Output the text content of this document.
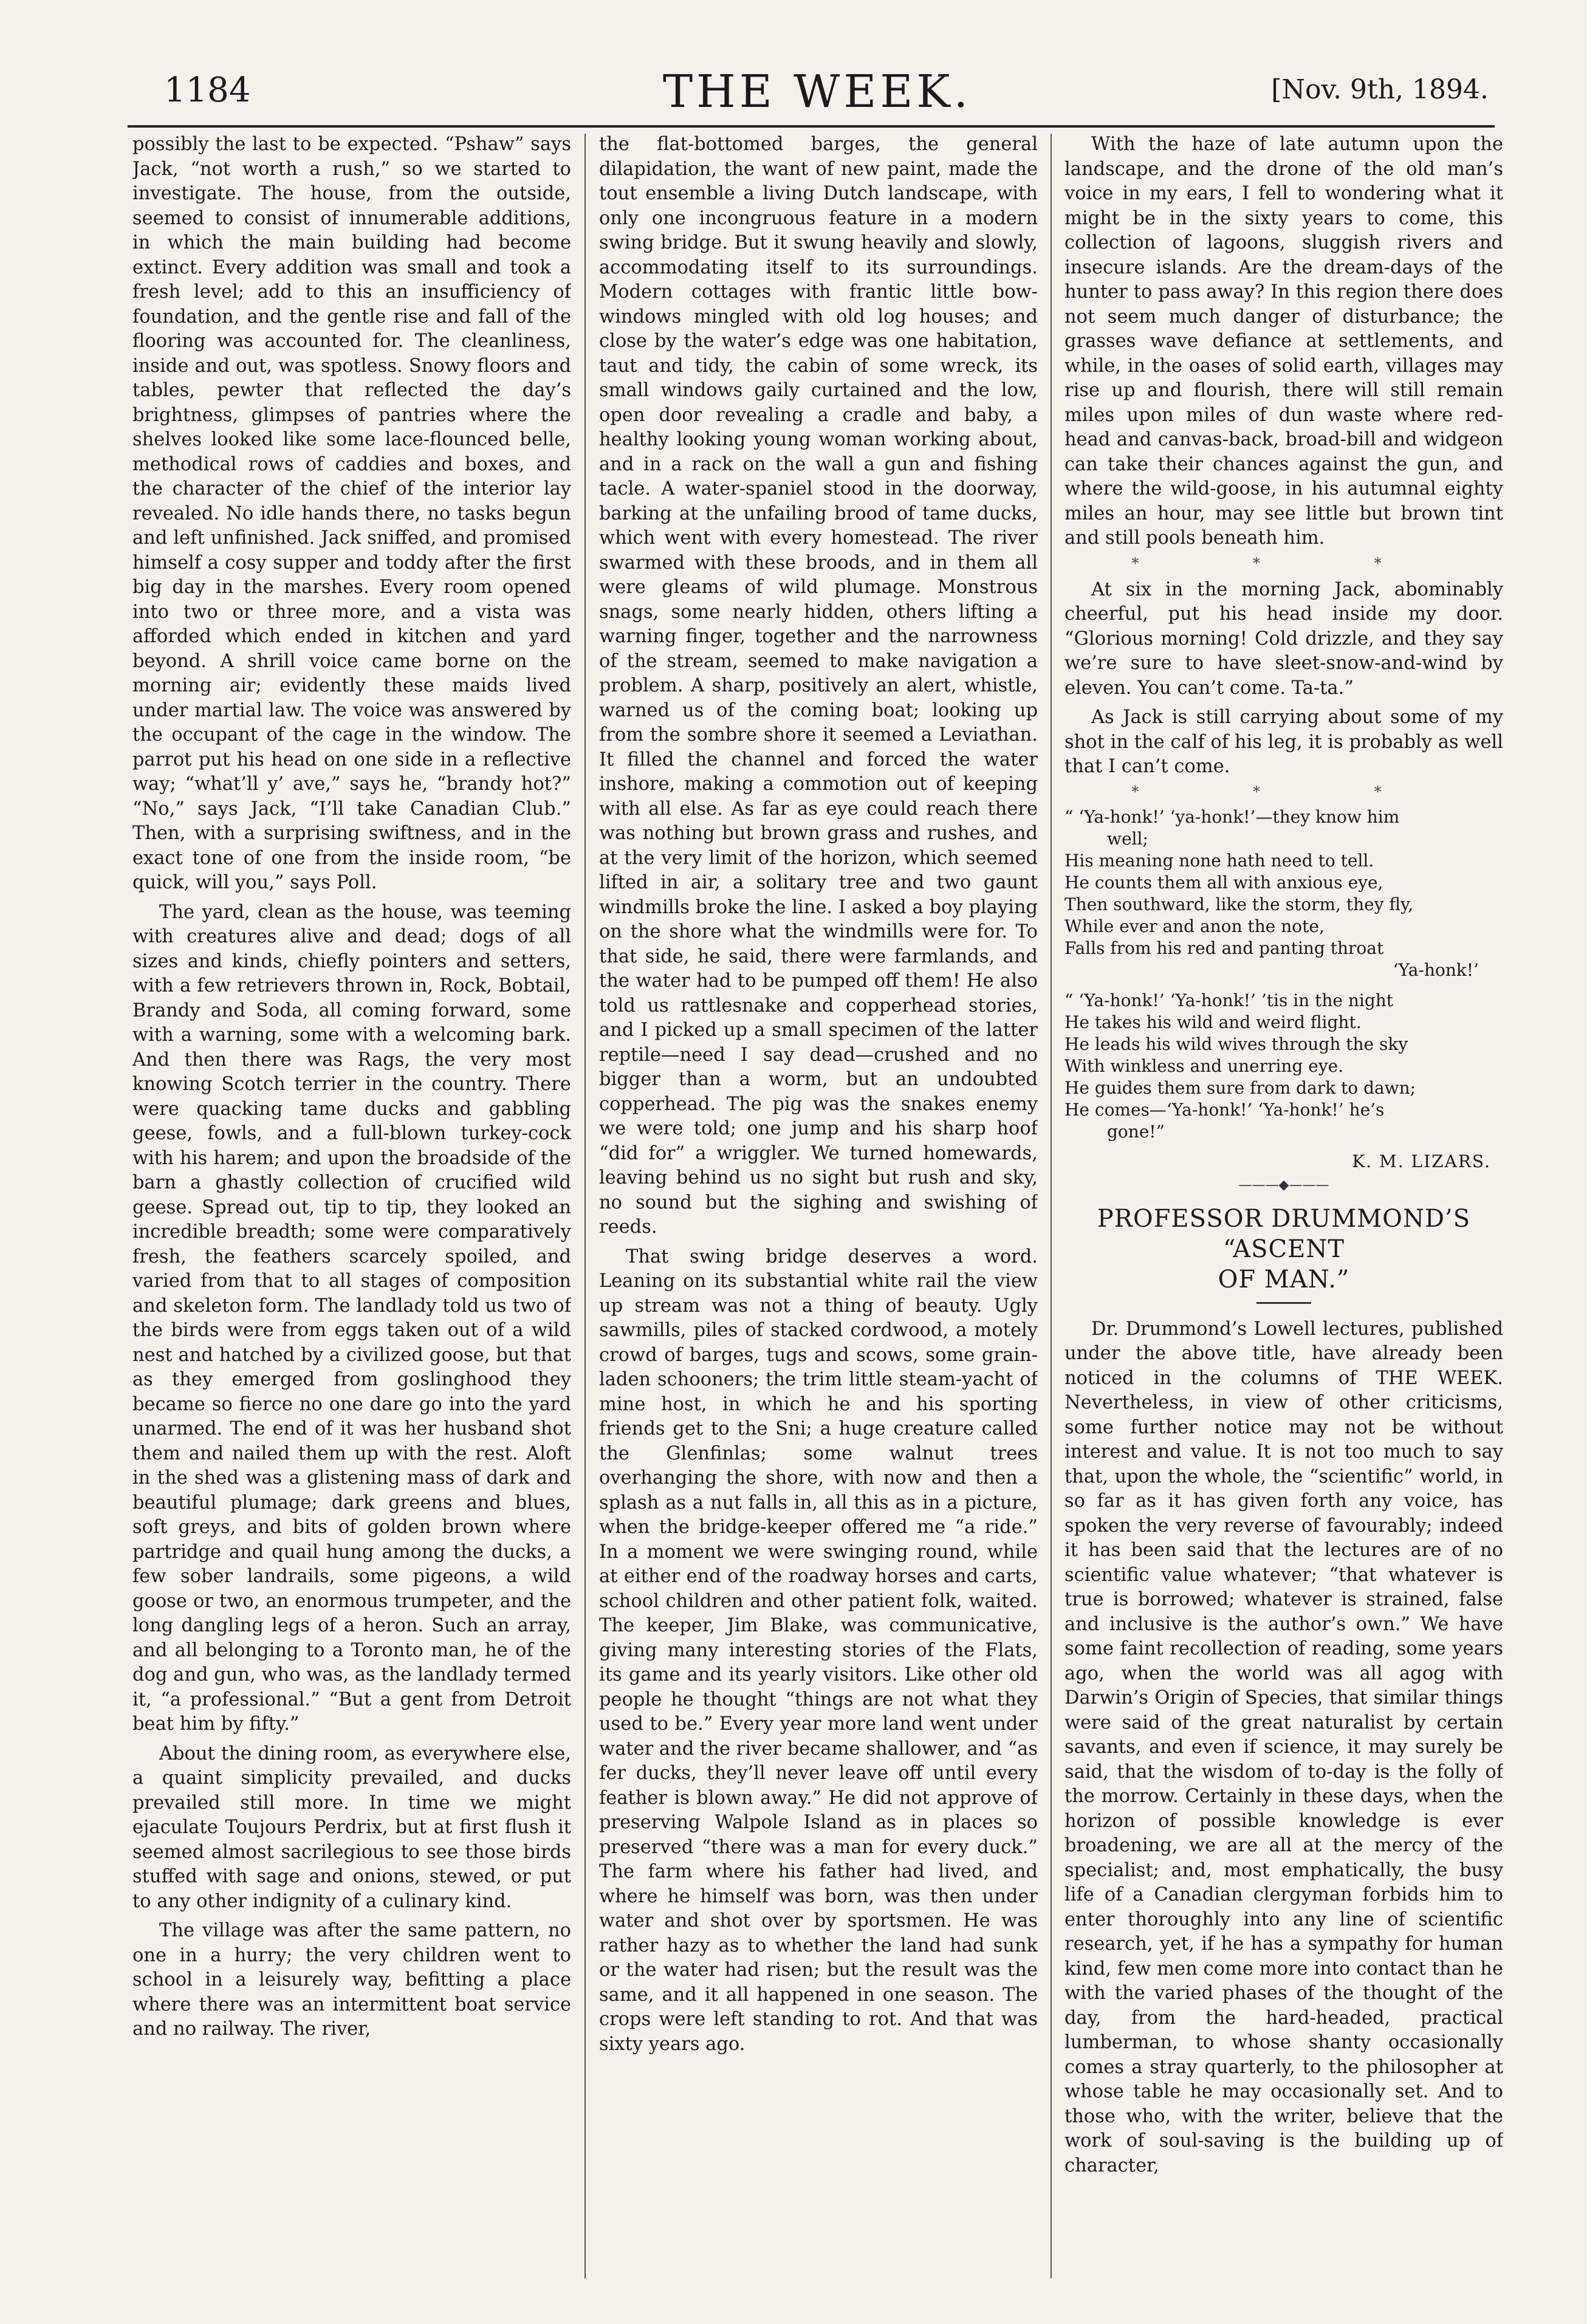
1184	THE WEEK.	[Nov. 9th, 1894.

possibly the last to be expected. “Pshaw” says Jack, “not worth a rush,” so we started to investigate. The house, from the outside, seemed to consist of innumerable additions, in which the main building had become extinct. Every addition was small and took a fresh level; add to this an insufficiency of foundation, and the gentle rise and fall of the flooring was accounted for. The cleanliness, inside and out, was spotless. Snowy floors and tables, pewter that reflected the day’s brightness, glimpses of pantries where the shelves looked like some lace-flounced belle, methodical rows of caddies and boxes, and the character of the chief of the interior lay revealed. No idle hands there, no tasks begun and left unfinished. Jack sniffed, and promised himself a cosy supper and toddy after the first big day in the marshes. Every room opened into two or three more, and a vista was afforded which ended in kitchen and yard beyond. A shrill voice came borne on the morning air; evidently these maids lived under martial law. The voice was answered by the occupant of the cage in the window. The parrot put his head on one side in a reflective way; “what’ll y’ ave,” says he, “brandy hot?” “No,” says Jack, “I’ll take Canadian Club.” Then, with a surprising swiftness, and in the exact tone of one from the inside room, “be quick, will you,” says Poll.

The yard, clean as the house, was teeming with creatures alive and dead; dogs of all sizes and kinds, chiefly pointers and setters, with a few retrievers thrown in, Rock, Bobtail, Brandy and Soda, all coming forward, some with a warning, some with a welcoming bark. And then there was Rags, the very most knowing Scotch terrier in the country. There were quacking tame ducks and gabbling geese, fowls, and a full-blown turkey-cock with his harem; and upon the broadside of the barn a ghastly collection of crucified wild geese. Spread out, tip to tip, they looked an incredible breadth; some were comparatively fresh, the feathers scarcely spoiled, and varied from that to all stages of composition and skeleton form. The landlady told us two of the birds were from eggs taken out of a wild nest and hatched by a civilized goose, but that as they emerged from goslinghood they became so fierce no one dare go into the yard unarmed. The end of it was her husband shot them and nailed them up with the rest. Aloft in the shed was a glistening mass of dark and beautiful plumage; dark greens and blues, soft greys, and bits of golden brown where partridge and quail hung among the ducks, a few sober landrails, some pigeons, a wild goose or two, an enormous trumpeter, and the long dangling legs of a heron. Such an array, and all belonging to a Toronto man, he of the dog and gun, who was, as the landlady termed it, “a professional.” “But a gent from Detroit beat him by fifty.”

About the dining room, as everywhere else, a quaint simplicity prevailed, and ducks prevailed still more. In time we might ejaculate Toujours Perdrix, but at first flush it seemed almost sacrilegious to see those birds stuffed with sage and onions, stewed, or put to any other indignity of a culinary kind.

The village was after the same pattern, no one in a hurry; the very children went to school in a leisurely way, befitting a place where there was an intermittent boat service and no railway. The river,

the flat-bottomed barges, the general dilapidation, the want of new paint, made the tout ensemble a living Dutch landscape, with only one incongruous feature in a modern swing bridge. But it swung heavily and slowly, accommodating itself to its surroundings. Modern cottages with frantic little bow-windows mingled with old log houses; and close by the water’s edge was one habitation, taut and tidy, the cabin of some wreck, its small windows gaily curtained and the low, open door revealing a cradle and baby, a healthy looking young woman working about, and in a rack on the wall a gun and fishing tacle. A water-spaniel stood in the doorway, barking at the unfailing brood of tame ducks, which went with every homestead. The river swarmed with these broods, and in them all were gleams of wild plumage. Monstrous snags, some nearly hidden, others lifting a warning finger, together and the narrowness of the stream, seemed to make navigation a problem. A sharp, positively an alert, whistle, warned us of the coming boat; looking up from the sombre shore it seemed a Leviathan. It filled the channel and forced the water inshore, making a commotion out of keeping with all else. As far as eye could reach there was nothing but brown grass and rushes, and at the very limit of the horizon, which seemed lifted in air, a solitary tree and two gaunt windmills broke the line. I asked a boy playing on the shore what the windmills were for. To that side, he said, there were farmlands, and the water had to be pumped off them! He also told us rattlesnake and copperhead stories, and I picked up a small specimen of the latter reptile—need I say dead—crushed and no bigger than a worm, but an undoubted copperhead. The pig was the snakes enemy we were told; one jump and his sharp hoof “did for” a wriggler. We turned homewards, leaving behind us no sight but rush and sky, no sound but the sighing and swishing of reeds.

That swing bridge deserves a word. Leaning on its substantial white rail the view up stream was not a thing of beauty. Ugly sawmills, piles of stacked cordwood, a motely crowd of barges, tugs and scows, some grain-laden schooners; the trim little steam-yacht of mine host, in which he and his sporting friends get to the Sni; a huge creature called the Glenfinlas; some walnut trees overhanging the shore, with now and then a splash as a nut falls in, all this as in a picture, when the bridge-keeper offered me “a ride.” In a moment we were swinging round, while at either end of the roadway horses and carts, school children and other patient folk, waited. The keeper, Jim Blake, was communicative, giving many interesting stories of the Flats, its game and its yearly visitors. Like other old people he thought “things are not what they used to be.” Every year more land went under water and the river became shallower, and “as fer ducks, they’ll never leave off until every feather is blown away.” He did not approve of preserving Walpole Island as in places so preserved “there was a man for every duck.” The farm where his father had lived, and where he himself was born, was then under water and shot over by sportsmen. He was rather hazy as to whether the land had sunk or the water had risen; but the result was the same, and it all happened in one season. The crops were left standing to rot. And that was sixty years ago.

With the haze of late autumn upon the landscape, and the drone of the old man’s voice in my ears, I fell to wondering what it might be in the sixty years to come, this collection of lagoons, sluggish rivers and insecure islands. Are the dream-days of the hunter to pass away? In this region there does not seem much danger of disturbance; the grasses wave defiance at settlements, and while, in the oases of solid earth, villages may rise up and flourish, there will still remain miles upon miles of dun waste where red-head and canvas-back, broad-bill and widgeon can take their chances against the gun, and where the wild-goose, in his autumnal eighty miles an hour, may see little but brown tint and still pools beneath him.

* * *

At six in the morning Jack, abominably cheerful, put his head inside my door. “Glorious morning! Cold drizzle, and they say we’re sure to have sleet-snow-and-wind by eleven. You can’t come. Ta-ta.”

As Jack is still carrying about some of my shot in the calf of his leg, it is probably as well that I can’t come.

* * *
“ ‘Ya-honk!’ ‘ya-honk!’—they know him
well;
His meaning none hath need to tell.
He counts them all with anxious eye,
Then southward, like the storm, they fly,
While ever and anon the note,
Falls from his red and panting throat
‘Ya-honk!’
“ ‘Ya-honk!’ ‘Ya-honk!’ ’tis in the night
He takes his wild and weird flight.
He leads his wild wives through the sky
With winkless and unerring eye.
He guides them sure from dark to dawn;
He comes—‘Ya-honk!’ ‘Ya-honk!’ he’s
gone!”
K. M. LIZARS.
———◆———
PROFESSOR DRUMMOND’S “ASCENT
OF MAN.”

Dr. Drummond’s Lowell lectures, published under the above title, have already been noticed in the columns of THE WEEK. Nevertheless, in view of other criticisms, some further notice may not be without interest and value. It is not too much to say that, upon the whole, the “scientific” world, in so far as it has given forth any voice, has spoken the very reverse of favourably; indeed it has been said that the lectures are of no scientific value whatever; “that whatever is true is borrowed; whatever is strained, false and inclusive is the author’s own.” We have some faint recollection of reading, some years ago, when the world was all agog with Darwin’s Origin of Species, that similar things were said of the great naturalist by certain savants, and even if science, it may surely be said, that the wisdom of to-day is the folly of the morrow. Certainly in these days, when the horizon of possible knowledge is ever broadening, we are all at the mercy of the specialist; and, most emphatically, the busy life of a Canadian clergyman forbids him to enter thoroughly into any line of scientific research, yet, if he has a sympathy for human kind, few men come more into contact than he with the varied phases of the thought of the day, from the hard-headed, practical lumberman, to whose shanty occasionally comes a stray quarterly, to the philosopher at whose table he may occasionally set. And to those who, with the writer, believe that the work of soul-saving is the building up of character,
